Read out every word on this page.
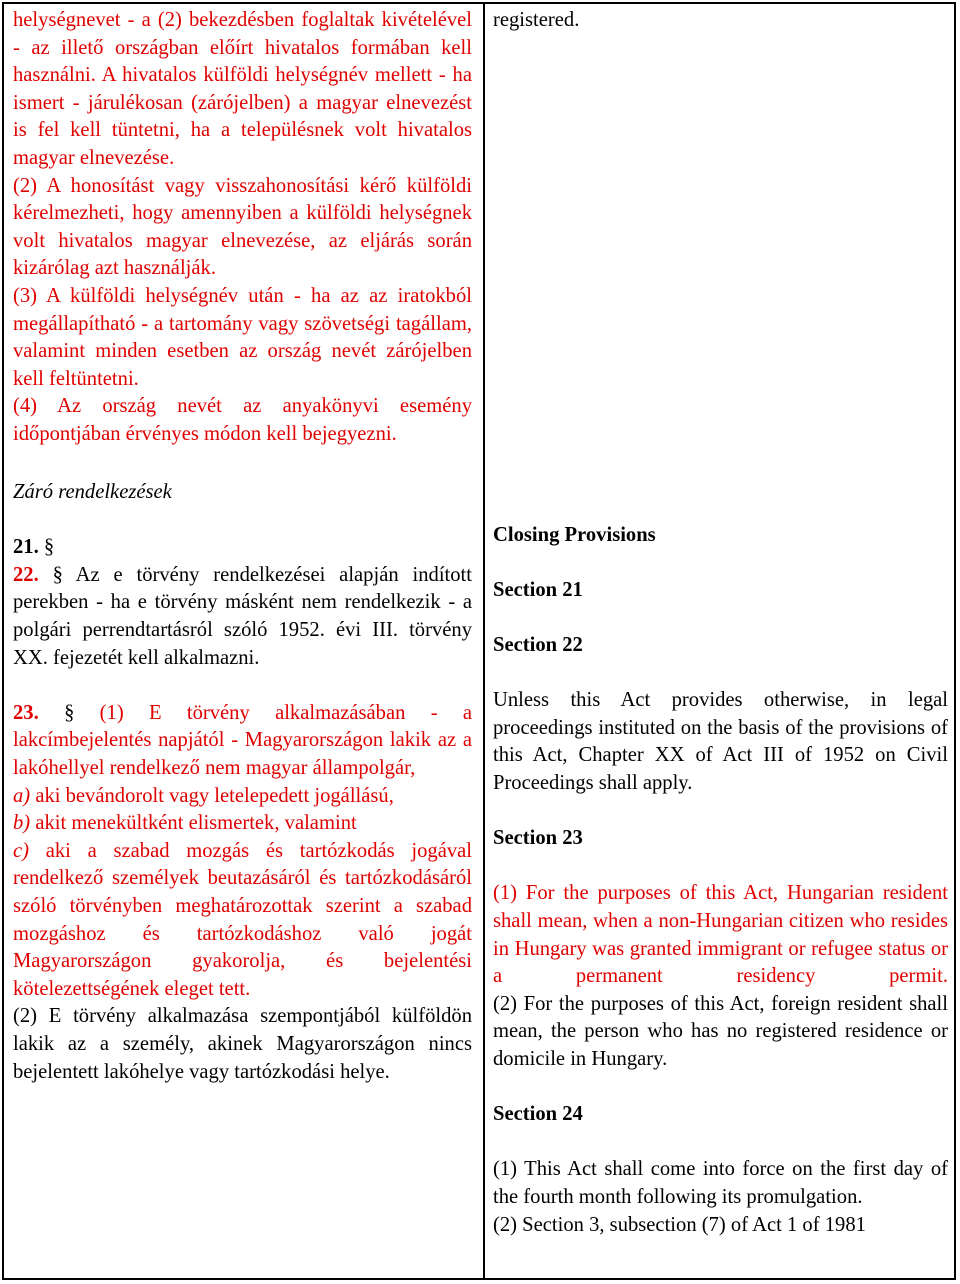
helységnevet - a (2) bekezdésben foglaltak kivételével - az illető országban előírt hivatalos formában kell használni. A hivatalos külföldi helységnév mellett - ha ismert - járulékosan (zárójelben) a magyar elnevezést is fel kell tüntetni, ha a településnek volt hivatalos magyar elnevezése.

(2) A honosítást vagy visszahonosítási kérő külföldi kérelmezheti, hogy amennyiben a külföldi helységnek volt hivatalos magyar elnevezése, az eljárás során kizárólag azt használják.

(3) A külföldi helységnév után - ha az az iratokból megállapítható - a tartomány vagy szövetségi tagállam, valamint minden esetben az ország nevét zárójelben kell feltüntetni.

(4) Az ország nevét az anyakönyvi esemény időpontjában érvényes módon kell bejegyezni.

Záró rendelkezések

21. §

22. § Az e törvény rendelkezései alapján indított perekben - ha e törvény másként nem rendelkezik - a polgári perrendtartásról szóló 1952. évi III. törvény XX. fejezetét kell alkalmazni.

23. § (1) E törvény alkalmazásában - a lakcímbejelentés napjától - Magyarországon lakik az a lakóhellyel rendelkező nem magyar állampolgár,

a) aki bevándorolt vagy letelepedett jogállású,

b) akit menekültként elismertek, valamint

c) aki a szabad mozgás és tartózkodás jogával rendelkező személyek beutazásáról és tartózkodásáról szóló törvényben meghatározottak szerint a szabad mozgáshoz és tartózkodáshoz való jogát Magyarországon gyakorolja, és bejelentési kötelezettségének eleget tett.

(2) E törvény alkalmazása szempontjából külföldön lakik az a személy, akinek Magyarországon nincs bejelentett lakóhelye vagy tartózkodási helye.

registered.

Closing Provisions

Section 21

Section 22

Unless this Act provides otherwise, in legal proceedings instituted on the basis of the provisions of this Act, Chapter XX of Act III of 1952 on Civil Proceedings shall apply.

Section 23

(1) For the purposes of this Act, Hungarian resident shall mean, when a non-Hungarian citizen who resides in Hungary was granted immigrant or refugee status or a permanent residency permit.

(2) For the purposes of this Act, foreign resident shall mean, the person who has no registered residence or domicile in Hungary.

Section 24

(1) This Act shall come into force on the first day of the fourth month following its promulgation.

(2) Section 3, subsection (7) of Act 1 of 1981
